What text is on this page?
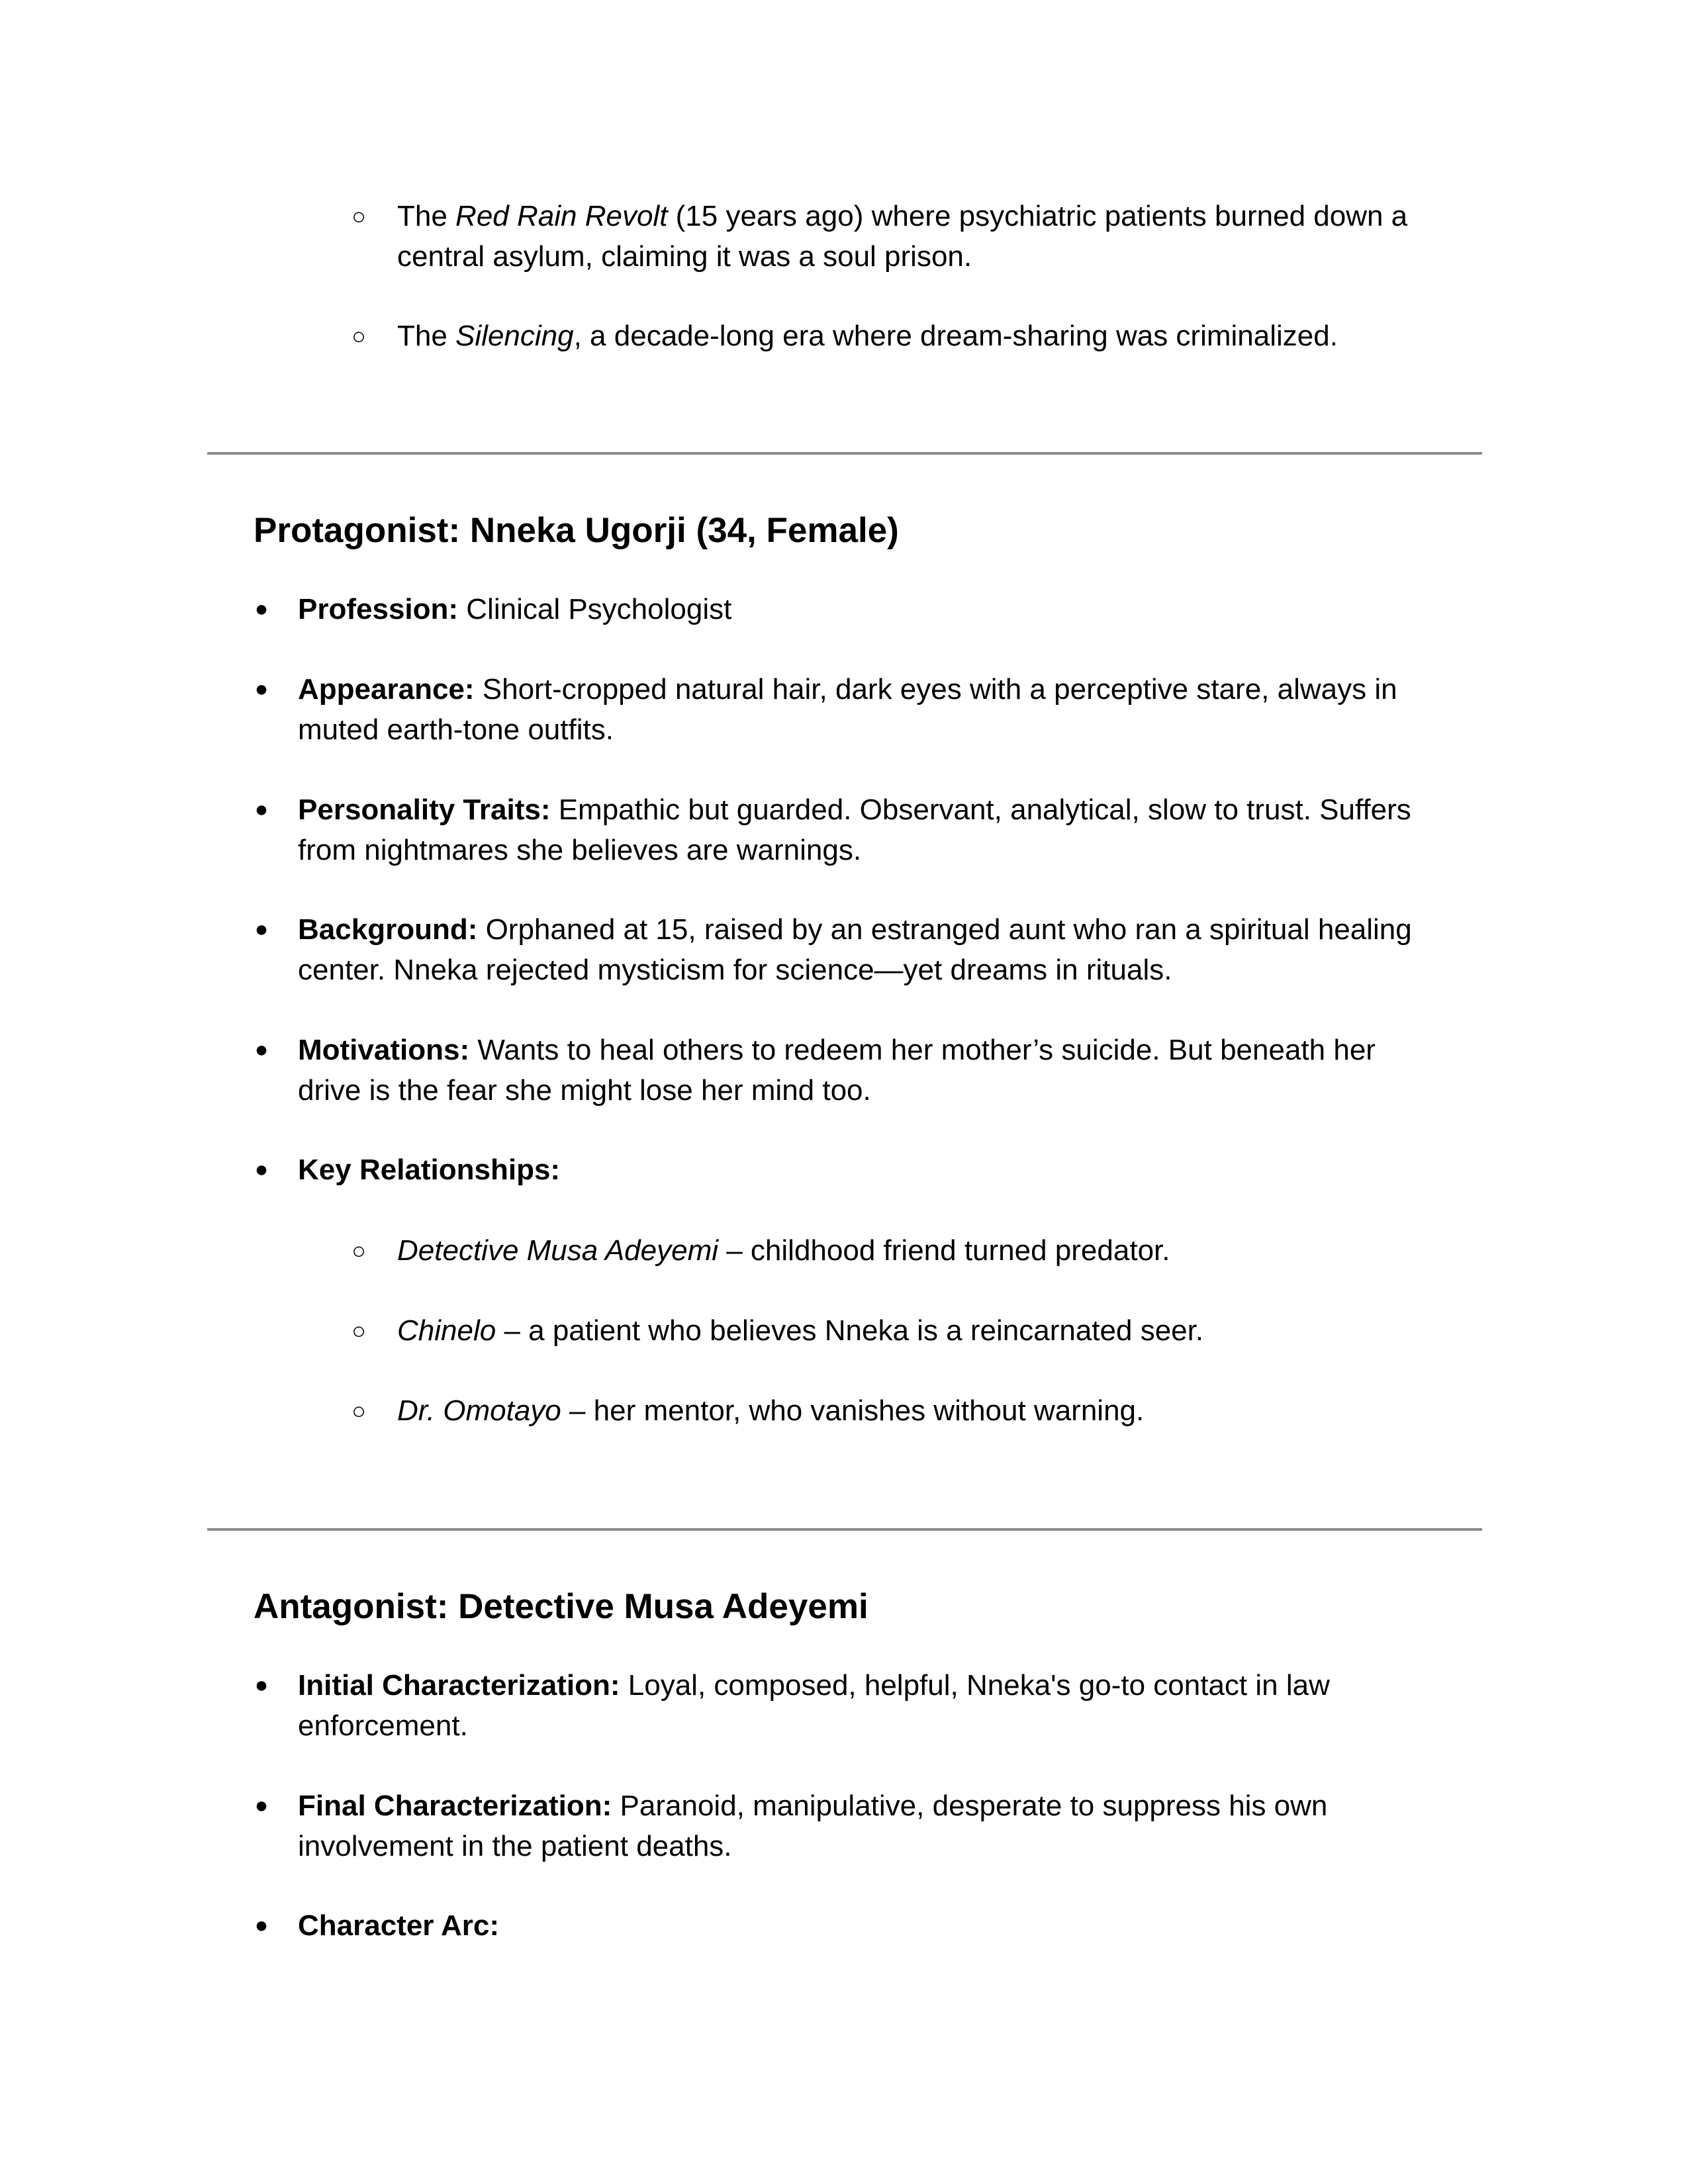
○ The Red Rain Revolt (15 years ago) where psychiatric patients burned down a
central asylum, claiming it was a soul prison.
○ The Silencing, a decade-long era where dream-sharing was criminalized.
Protagonist: Nneka Ugorji (34, Female)
● Profession: Clinical Psychologist
● Appearance: Short-cropped natural hair, dark eyes with a perceptive stare, always in
muted earth-tone outfits.
● Personality Traits: Empathic but guarded. Observant, analytical, slow to trust. Suffers
from nightmares she believes are warnings.
● Background: Orphaned at 15, raised by an estranged aunt who ran a spiritual healing
center. Nneka rejected mysticism for science—yet dreams in rituals.
● Motivations: Wants to heal others to redeem her mother’s suicide. But beneath her
drive is the fear she might lose her mind too.
● Key Relationships:
○ Detective Musa Adeyemi – childhood friend turned predator.
○ Chinelo – a patient who believes Nneka is a reincarnated seer.
○ Dr. Omotayo – her mentor, who vanishes without warning.
Antagonist: Detective Musa Adeyemi
● Initial Characterization: Loyal, composed, helpful, Nneka's go-to contact in law
enforcement.
● Final Characterization: Paranoid, manipulative, desperate to suppress his own
involvement in the patient deaths.
● Character Arc:
